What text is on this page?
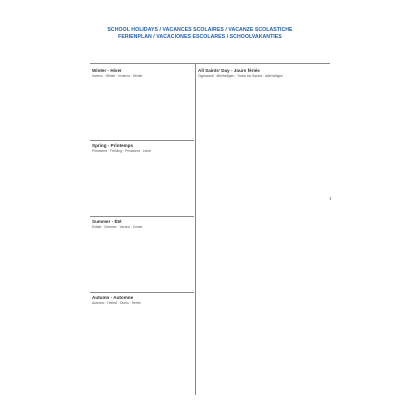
SCHOOL HOLIDAYS / VACANCES SCOLAIRES / VACANZE SCOLASTICHE
FERIENPLAN / VACACIONES ESCOLARES / SCHOOLVAKANTIES
Winter - Hiver
Inverno · Winter · Invierno · Winter
All Saints' Day - Jours fériés
Ognissanti · Allerheiligen · Todos los Santos · Allerheiligen
Spring - Printemps
Primavera · Frühling · Primavera · Lente
Summer - Été
Estate · Sommer · Verano · Zomer
Autumn - Automne
Autunno · Herbst · Otoño · Herfst
